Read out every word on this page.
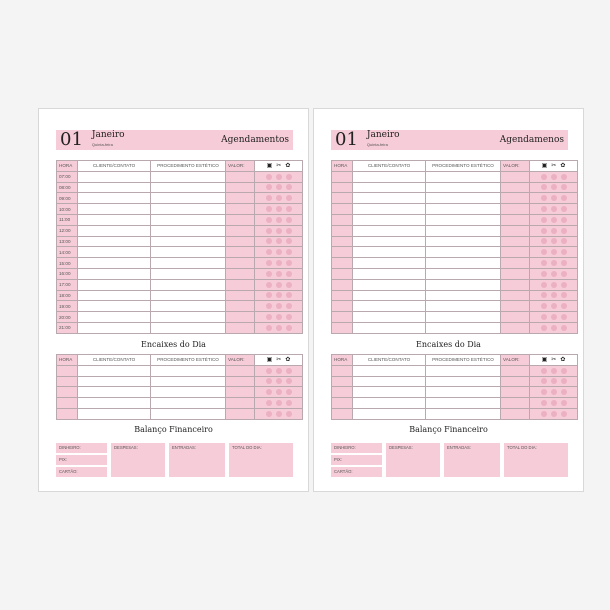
01 Janeiro
Quinta-feira	Agendamentos
HORA	CLIENTE/CONTATO	PROCEDIMENTO ESTÉTICO	VALOR:	▣ ✂ ✿
07:00				
08:00				
09:00				
10:00				
11:00				
12:00				
13:00				
14:00				
15:00				
16:00				
17:00				
18:00				
19:00				
20:00				
21:00				
Encaixes do Dia
HORA	CLIENTE/CONTATO	PROCEDIMENTO ESTÉTICO	VALOR:	▣ ✂ ✿

Balanço Financeiro
DINHEIRO:
PIX:
CARTÃO:
DESPESAS:	ENTRADAS:	TOTAL DO DIA:
01 Janeiro
Quinta-feira	Agendamenos
HORA	CLIENTE/CONTATO	PROCEDIMENTO ESTÉTICO	VALOR:	▣ ✂ ✿

Encaixes do Dia
HORA	CLIENTE/CONTATO	PROCEDIMENTO ESTÉTICO	VALOR:	▣ ✂ ✿

Balanço Financeiro
DINHEIRO:
PIX:
CARTÃO:
DESPESAS:	ENTRADAS:	TOTAL DO DIA:
